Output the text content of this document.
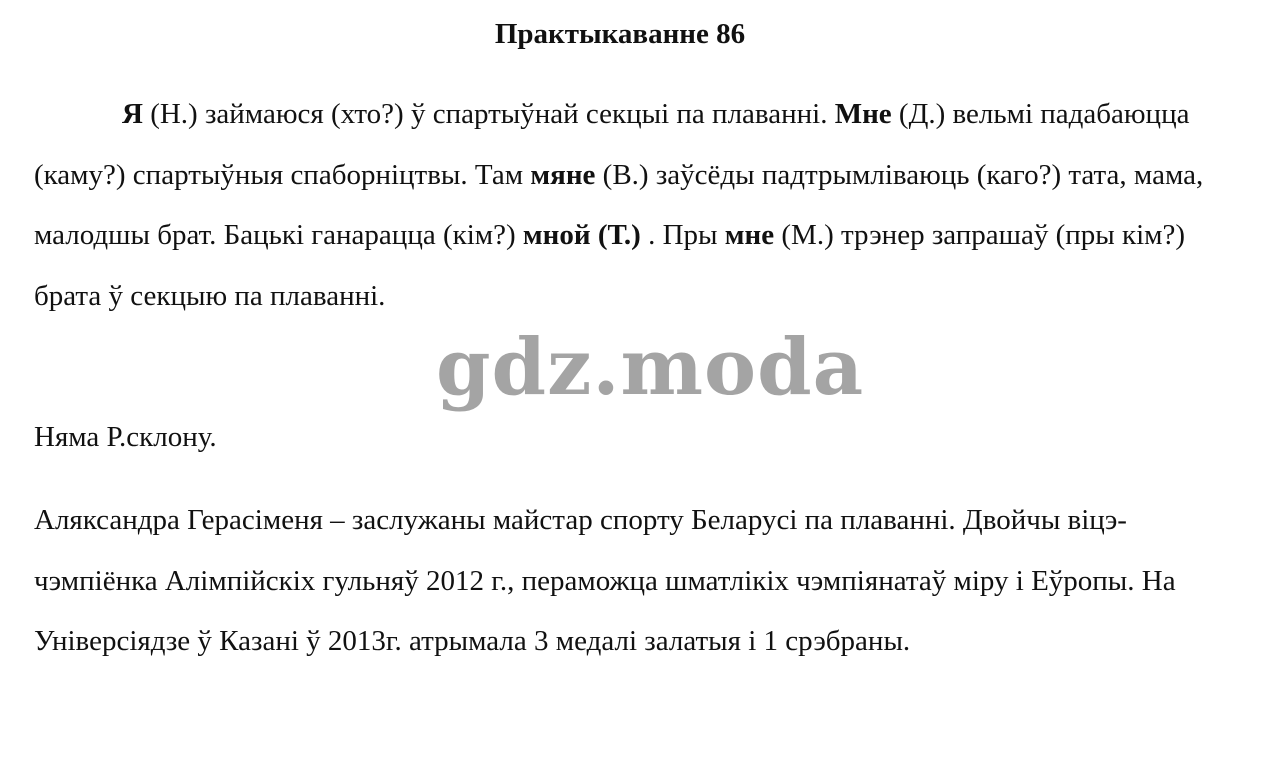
Практыкаванне 86

Я (Н.) займаюся (хто?) ў спартыўнай секцыі па плаванні. Мне (Д.) вельмі падабаюцца (каму?) спартыўныя спаборніцтвы. Там мяне (В.) заўсёды падтрымліваюць (каго?) тата, мама, малодшы брат. Бацькі ганарацца (кім?) мной (Т.) . Пры мне (М.) трэнер запрашаў (пры кім?) брата ў секцыю па плаванні.

Няма Р.склону.

Аляксандра Герасіменя – заслужаны майстар спорту Беларусі па плаванні. Двойчы віцэ-чэмпіёнка Алімпійскіх гульняў 2012 г., пераможца шматлікіх чэмпіянатаў міру і Еўропы. На Універсіядзе ў Казані ў 2013г. атрымала 3 медалі залатыя і 1 срэбраны.

gdz.moda
